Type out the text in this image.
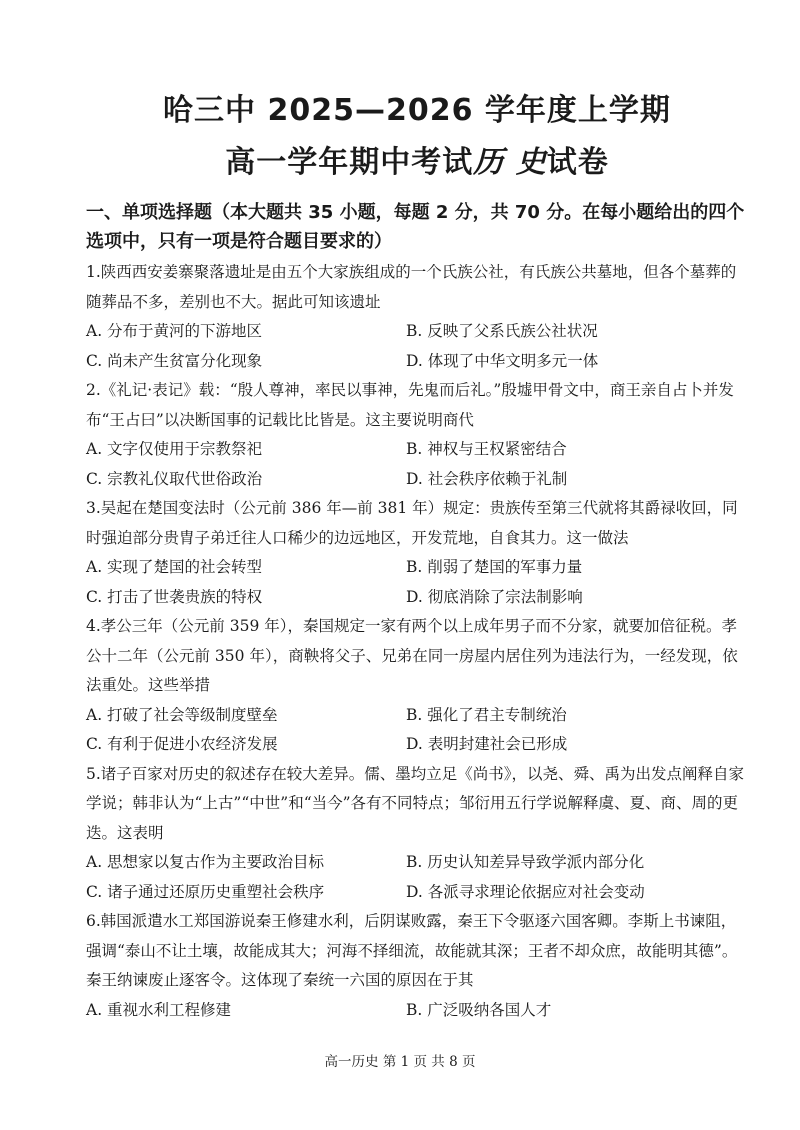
哈三中 2025—2026 学年度上学期
高一学年期中考试历 史试卷
一、单项选择题（本大题共 35 小题，每题 2 分，共 70 分。在每小题给出的四个选项中，只有一项是符合题目要求的）

1.陕西西安姜寨聚落遗址是由五个大家族组成的一个氏族公社，有氏族公共墓地，但各个墓葬的随葬品不多，差别也不大。据此可知该遗址

A. 分布于黄河的下游地区	B. 反映了父系氏族公社状况
C. 尚未产生贫富分化现象	D. 体现了中华文明多元一体

2.《礼记·表记》载：“殷人尊神，率民以事神，先鬼而后礼。”殷墟甲骨文中，商王亲自占卜并发布“王占曰”以决断国事的记载比比皆是。这主要说明商代

A. 文字仅使用于宗教祭祀	B. 神权与王权紧密结合
C. 宗教礼仪取代世俗政治	D. 社会秩序依赖于礼制

3.吴起在楚国变法时（公元前 386 年—前 381 年）规定：贵族传至第三代就将其爵禄收回，同时强迫部分贵胄子弟迁往人口稀少的边远地区，开发荒地，自食其力。这一做法

A. 实现了楚国的社会转型	B. 削弱了楚国的军事力量
C. 打击了世袭贵族的特权	D. 彻底消除了宗法制影响

4.孝公三年（公元前 359 年），秦国规定一家有两个以上成年男子而不分家，就要加倍征税。孝公十二年（公元前 350 年），商鞅将父子、兄弟在同一房屋内居住列为违法行为，一经发现，依法重处。这些举措

A. 打破了社会等级制度壁垒	B. 强化了君主专制统治
C. 有利于促进小农经济发展	D. 表明封建社会已形成

5.诸子百家对历史的叙述存在较大差异。儒、墨均立足《尚书》，以尧、舜、禹为出发点阐释自家学说；韩非认为“上古”“中世”和“当今”各有不同特点；邹衍用五行学说解释虞、夏、商、周的更迭。这表明

A. 思想家以复古作为主要政治目标	B. 历史认知差异导致学派内部分化
C. 诸子通过还原历史重塑社会秩序	D. 各派寻求理论依据应对社会变动

6.韩国派遣水工郑国游说秦王修建水利，后阴谋败露，秦王下令驱逐六国客卿。李斯上书谏阻，强调“泰山不让土壤，故能成其大；河海不择细流，故能就其深；王者不却众庶，故能明其德”。秦王纳谏废止逐客令。这体现了秦统一六国的原因在于其

A. 重视水利工程修建	B. 广泛吸纳各国人才
高一历史 第 1 页 共 8 页
